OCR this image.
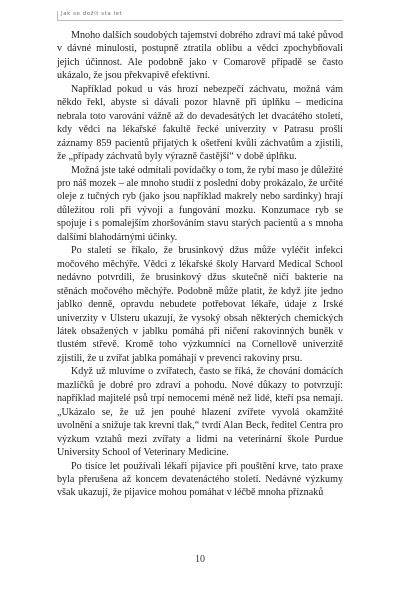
Jak se dožít sta let

Mnoho dalších soudobých tajemství dobrého zdraví má také původ v dávné minulosti, postupně ztratila oblibu a vědci zpochybňovali jejich účinnost. Ale podobně jako v Comarově případě se často ukázalo, že jsou překvapivě efektivní.

Například pokud u vás hrozí nebezpečí záchvatu, možná vám někdo řekl, abyste si dávali pozor hlavně při úplňku – medicína nebrala toto varování vážně až do devadesátých let dvacátého století, kdy vědci na lékařské fakultě řecké univerzity v Patrasu prošli záznamy 859 pacientů přijatých k ošetření kvůli záchvatům a zjistili, že „případy záchvatů byly výrazně častější“ v době úplňku.

Možná jste také odmítali povídačky o tom, že rybí maso je důležité pro náš mozek – ale mnoho studií z poslední doby prokázalo, že určité oleje z tučných ryb (jako jsou například makrely nebo sardinky) hrají důležitou roli při vývoji a fungování mozku. Konzumace ryb se spojuje i s pomalejším zhoršováním stavu starých pacientů a s mnoha dalšími blahodárnými účinky.

Po staletí se říkalo, že brusinkový džus může vyléčit infekci močového měchýře. Vědci z lékařské školy Harvard Medical School nedávno potvrdili, že brusinkový džus skutečně ničí bakterie na stěnách močového měchýře. Podobně může platit, že když jíte jedno jablko denně, opravdu nebudete potřebovat lékaře, údaje z Irské univerzity v Ulsteru ukazují, že vysoký obsah některých chemických látek obsažených v jablku pomáhá při ničení rakovinných buněk v tlustém střevě. Kromě toho výzkumníci na Cornellově univerzitě zjistili, že u zvířat jablka pomáhají v prevenci rakoviny prsu.

Když už mluvíme o zvířatech, často se říká, že chování domácích mazlíčků je dobré pro zdraví a pohodu. Nové důkazy to potvrzují: například majitelé psů trpí nemocemi méně než lidé, kteří psa nemají. „Ukázalo se, že už jen pouhé hlazení zvířete vyvolá okamžité uvolnění a snižuje tak krevní tlak,“ tvrdí Alan Beck, ředitel Centra pro výzkum vztahů mezi zvířaty a lidmi na veterinární škole Purdue University School of Veterinary Medicine.

Po tisíce let používali lékaři pijavice při pouštění krve, tato praxe byla přerušena až koncem devatenáctého století. Nedávné výzkumy však ukazují, že pijavice mohou pomáhat v léčbě mnoha příznaků

10
